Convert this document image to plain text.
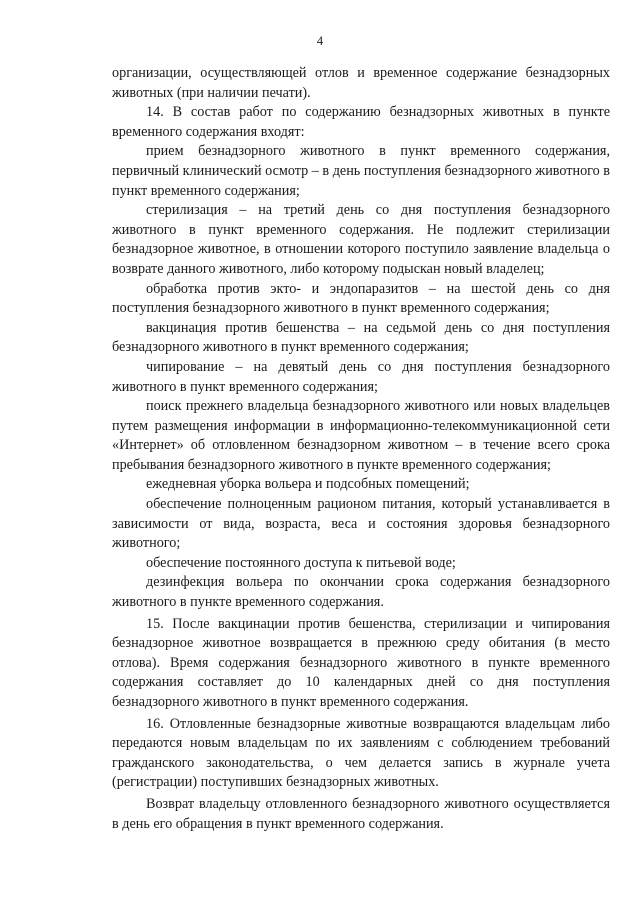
4

организации, осуществляющей отлов и временное содержание безнадзорных животных (при наличии печати).

14. В состав работ по содержанию безнадзорных животных в пункте временного содержания входят:

прием безнадзорного животного в пункт временного содержания, первичный клинический осмотр – в день поступления безнадзорного животного в пункт временного содержания;

стерилизация – на третий день со дня поступления безнадзорного животного в пункт временного содержания. Не подлежит стерилизации безнадзорное животное, в отношении которого поступило заявление владельца о возврате данного животного, либо которому подыскан новый владелец;

обработка против экто- и эндопаразитов – на шестой день со дня поступления безнадзорного животного в пункт временного содержания;

вакцинация против бешенства – на седьмой день со дня поступления безнадзорного животного в пункт временного содержания;

чипирование – на девятый день со дня поступления безнадзорного животного в пункт временного содержания;

поиск прежнего владельца безнадзорного животного или новых владельцев путем размещения информации в информационно-телекоммуникационной сети «Интернет» об отловленном безнадзорном животном – в течение всего срока пребывания безнадзорного животного в пункте временного содержания;

ежедневная уборка вольера и подсобных помещений;

обеспечение полноценным рационом питания, который устанавливается в зависимости от вида, возраста, веса и состояния здоровья безнадзорного животного;

обеспечение постоянного доступа к питьевой воде;

дезинфекция вольера по окончании срока содержания безнадзорного животного в пункте временного содержания.

15. После вакцинации против бешенства, стерилизации и чипирования безнадзорное животное возвращается в прежнюю среду обитания (в место отлова). Время содержания безнадзорного животного в пункте временного содержания составляет до 10 календарных дней со дня поступления безнадзорного животного в пункт временного содержания.

16. Отловленные безнадзорные животные возвращаются владельцам либо передаются новым владельцам по их заявлениям с соблюдением требований гражданского законодательства, о чем делается запись в журнале учета (регистрации) поступивших безнадзорных животных.

Возврат владельцу отловленного безнадзорного животного осуществляется в день его обращения в пункт временного содержания.
